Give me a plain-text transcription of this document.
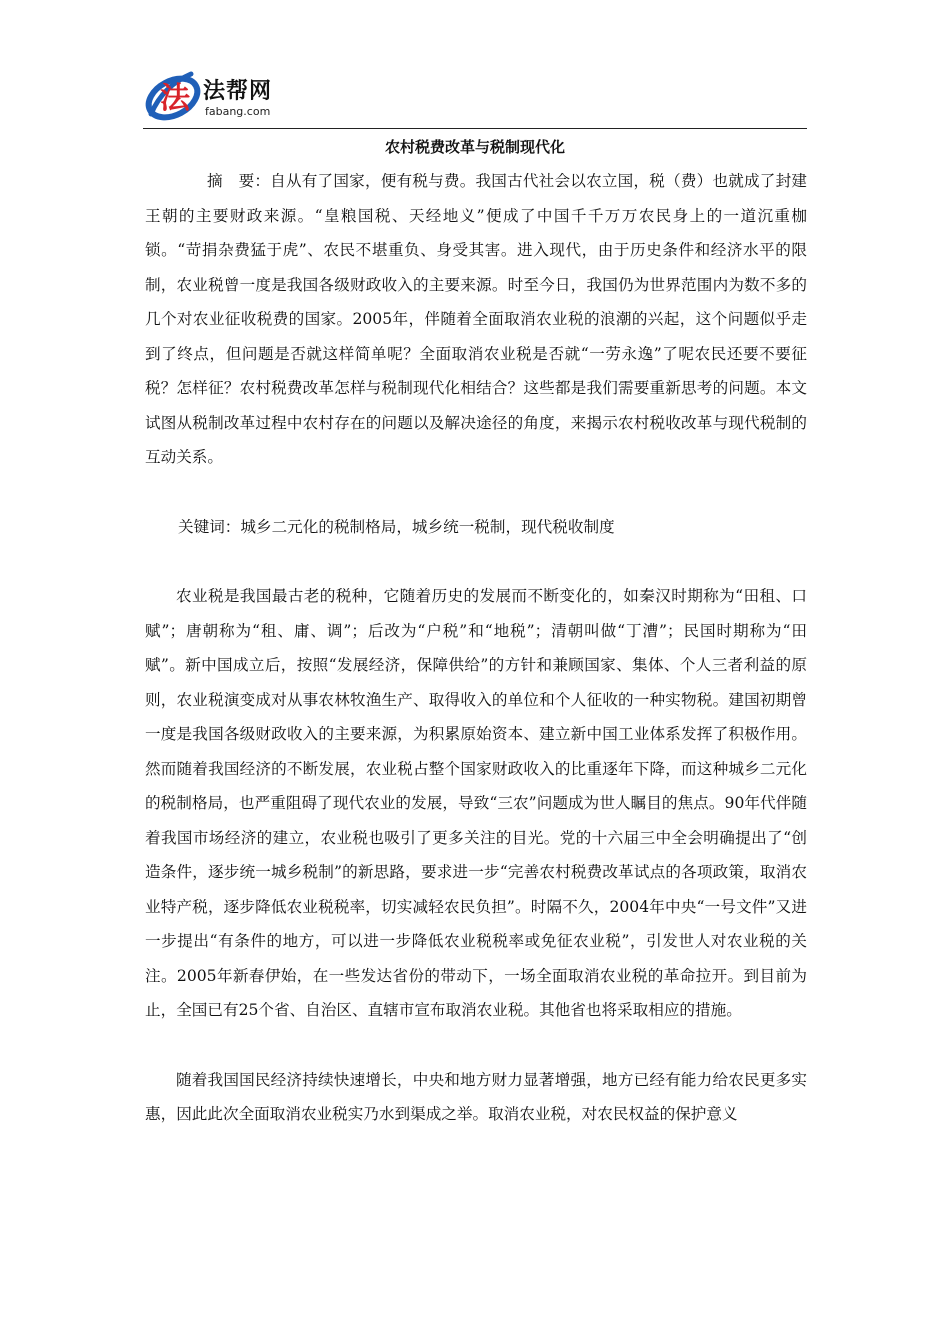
法 法帮网
fabang.com
农村税费改革与税制现代化

摘　要：自从有了国家，便有税与费。我国古代社会以农立国，税（费）也就成了封建王朝的主要财政来源。“皇粮国税、天经地义”便成了中国千千万万农民身上的一道沉重枷锁。“苛捐杂费猛于虎”、农民不堪重负、身受其害。进入现代，由于历史条件和经济水平的限制，农业税曾一度是我国各级财政收入的主要来源。时至今日，我国仍为世界范围内为数不多的几个对农业征收税费的国家。2005年，伴随着全面取消农业税的浪潮的兴起，这个问题似乎走到了终点，但问题是否就这样简单呢？全面取消农业税是否就“一劳永逸”了呢农民还要不要征税？怎样征？农村税费改革怎样与税制现代化相结合？这些都是我们需要重新思考的问题。本文试图从税制改革过程中农村存在的问题以及解决途径的角度，来揭示农村税收改革与现代税制的互动关系。

关键词：城乡二元化的税制格局，城乡统一税制，现代税收制度

农业税是我国最古老的税种，它随着历史的发展而不断变化的，如秦汉时期称为“田租、口赋”；唐朝称为“租、庸、调”；后改为“户税”和“地税”；清朝叫做“丁漕”；民国时期称为“田赋”。新中国成立后，按照“发展经济，保障供给”的方针和兼顾国家、集体、个人三者利益的原则，农业税演变成对从事农林牧渔生产、取得收入的单位和个人征收的一种实物税。建国初期曾一度是我国各级财政收入的主要来源，为积累原始资本、建立新中国工业体系发挥了积极作用。然而随着我国经济的不断发展，农业税占整个国家财政收入的比重逐年下降，而这种城乡二元化的税制格局，也严重阻碍了现代农业的发展，导致“三农”问题成为世人瞩目的焦点。90年代伴随着我国市场经济的建立，农业税也吸引了更多关注的目光。党的十六届三中全会明确提出了“创造条件，逐步统一城乡税制”的新思路，要求进一步“完善农村税费改革试点的各项政策，取消农业特产税，逐步降低农业税税率，切实减轻农民负担”。时隔不久，2004年中央“一号文件”又进一步提出“有条件的地方，可以进一步降低农业税税率或免征农业税”，引发世人对农业税的关注。2005年新春伊始，在一些发达省份的带动下，一场全面取消农业税的革命拉开。到目前为止，全国已有25个省、自治区、直辖市宣布取消农业税。其他省也将采取相应的措施。

随着我国国民经济持续快速增长，中央和地方财力显著增强，地方已经有能力给农民更多实惠，因此此次全面取消农业税实乃水到渠成之举。取消农业税，对农民权益的保护意义
